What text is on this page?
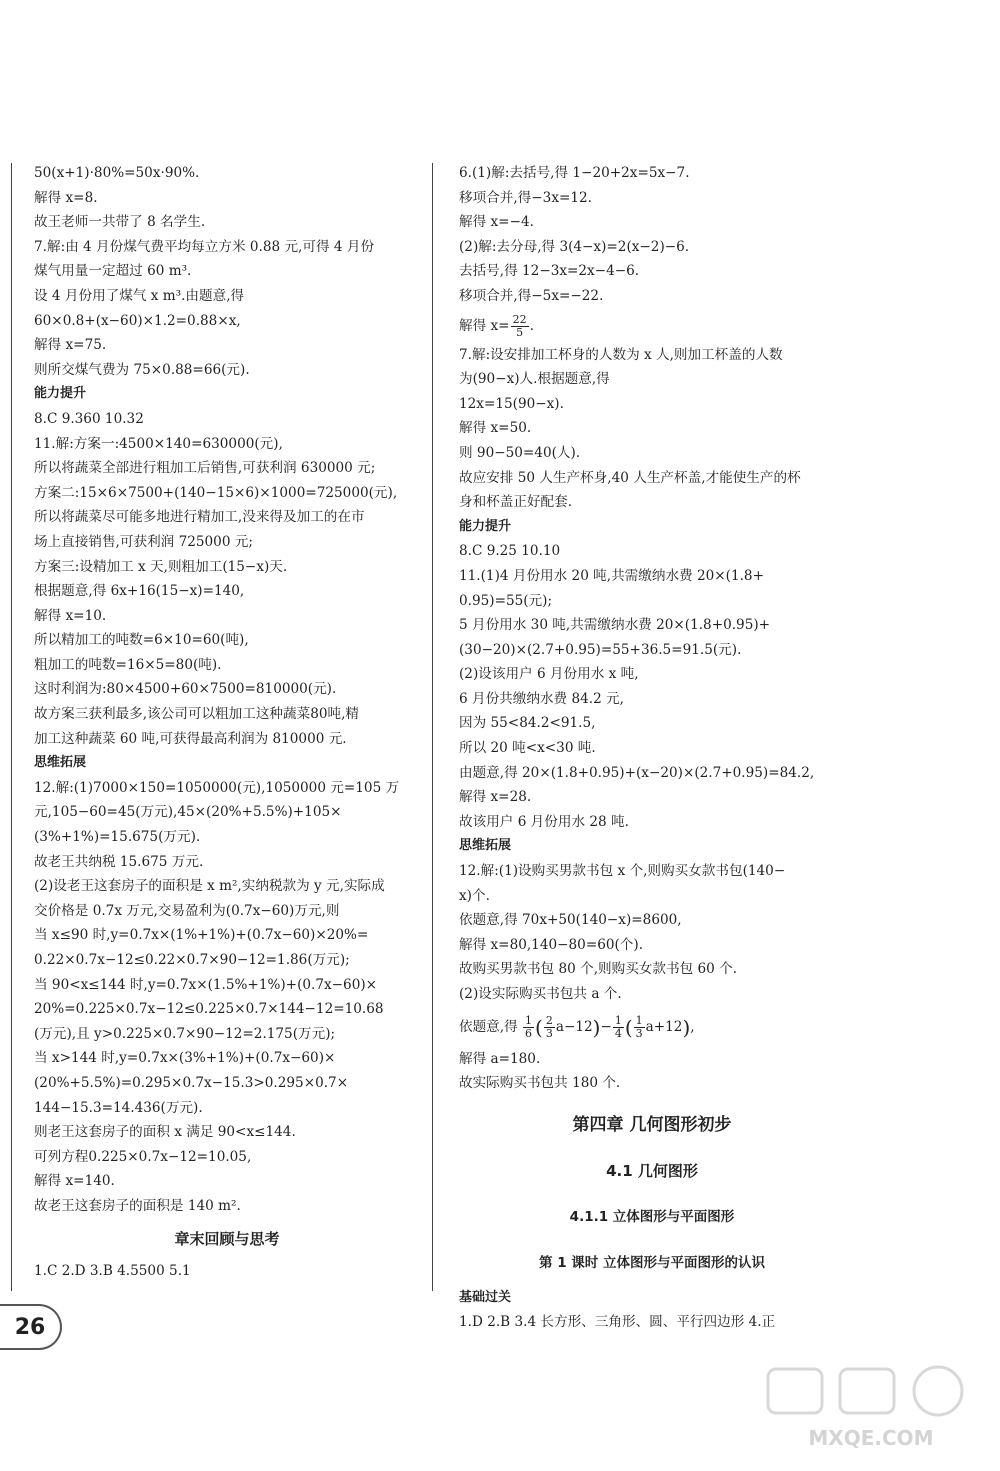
50(x+1)·80%=50x·90%.
解得 x=8.
故王老师一共带了 8 名学生.
7.解:由 4 月份煤气费平均每立方米 0.88 元,可得 4 月份
煤气用量一定超过 60 m³.
设 4 月份用了煤气 x m³.由题意,得
60×0.8+(x−60)×1.2=0.88×x,
解得 x=75.
则所交煤气费为 75×0.88=66(元).
能力提升
8.C 9.360 10.32
11.解:方案一:4500×140=630000(元),
所以将蔬菜全部进行粗加工后销售,可获利润 630000 元;
方案二:15×6×7500+(140−15×6)×1000=725000(元),
所以将蔬菜尽可能多地进行精加工,没来得及加工的在市
场上直接销售,可获利润 725000 元;
方案三:设精加工 x 天,则粗加工(15−x)天.
根据题意,得 6x+16(15−x)=140,
解得 x=10.
所以精加工的吨数=6×10=60(吨),
粗加工的吨数=16×5=80(吨).
这时利润为:80×4500+60×7500=810000(元).
故方案三获利最多,该公司可以粗加工这种蔬菜80吨,精
加工这种蔬菜 60 吨,可获得最高利润为 810000 元.
思维拓展
12.解:(1)7000×150=1050000(元),1050000 元=105 万
元,105−60=45(万元),45×(20%+5.5%)+105×
(3%+1%)=15.675(万元).
故老王共纳税 15.675 万元.
(2)设老王这套房子的面积是 x m²,实纳税款为 y 元,实际成
交价格是 0.7x 万元,交易盈利为(0.7x−60)万元,则
当 x≤90 时,y=0.7x×(1%+1%)+(0.7x−60)×20%=
0.22×0.7x−12≤0.22×0.7×90−12=1.86(万元);
当 90<x≤144 时,y=0.7x×(1.5%+1%)+(0.7x−60)×
20%=0.225×0.7x−12≤0.225×0.7×144−12=10.68
(万元),且 y>0.225×0.7×90−12=2.175(万元);
当 x>144 时,y=0.7x×(3%+1%)+(0.7x−60)×
(20%+5.5%)=0.295×0.7x−15.3>0.295×0.7×
144−15.3=14.436(万元).
则老王这套房子的面积 x 满足 90<x≤144.
可列方程0.225×0.7x−12=10.05,
解得 x=140.
故老王这套房子的面积是 140 m².
章末回顾与思考
1.C 2.D 3.B 4.5500 5.1
6.(1)解:去括号,得 1−20+2x=5x−7.
移项合并,得−3x=12.
解得 x=−4.
(2)解:去分母,得 3(4−x)=2(x−2)−6.
去括号,得 12−3x=2x−4−6.
移项合并,得−5x=−22.
解得 $x= \frac{22}{5}$ .
7.解:设安排加工杯身的人数为 x 人,则加工杯盖的人数
为(90−x)人.根据题意,得
12x=15(90−x).
解得 x=50.
则 90−50=40(人).
故应安排 50 人生产杯身,40 人生产杯盖,才能使生产的杯
身和杯盖正好配套.
能力提升
8.C 9.25 10.10
11.(1)4 月份用水 20 吨,共需缴纳水费 20×(1.8+
0.95)=55(元);
5 月份用水 30 吨,共需缴纳水费 20×(1.8+0.95)+
(30−20)×(2.7+0.95)=55+36.5=91.5(元).
(2)设该用户 6 月份用水 x 吨,
6 月份共缴纳水费 84.2 元,
因为 55<84.2<91.5,
所以 20 吨<x<30 吨.
由题意,得 20×(1.8+0.95)+(x−20)×(2.7+0.95)=84.2,
解得 x=28.
故该用户 6 月份用水 28 吨.
思维拓展
12.解:(1)设购买男款书包 x 个,则购买女款书包(140−
x)个.
依题意,得 70x+50(140−x)=8600,
解得 x=80,140−80=60(个).
故购买男款书包 80 个,则购买女款书包 60 个.
(2)设实际购买书包共 a 个.
依题意,得 $\frac{1}{6}$ ( $\frac{2}{3} a-12)- \frac{1}{4}$ ( $\frac{1}{3} a+12$),
解得 a=180.
故实际购买书包共 180 个.
第四章 几何图形初步
4.1 几何图形
4.1.1 立体图形与平面图形
第 1 课时 立体图形与平面图形的认识
基础过关
1.D 2.B 3.4 长方形、三角形、圆、平行四边形 4.正
26
MXQE.COM
